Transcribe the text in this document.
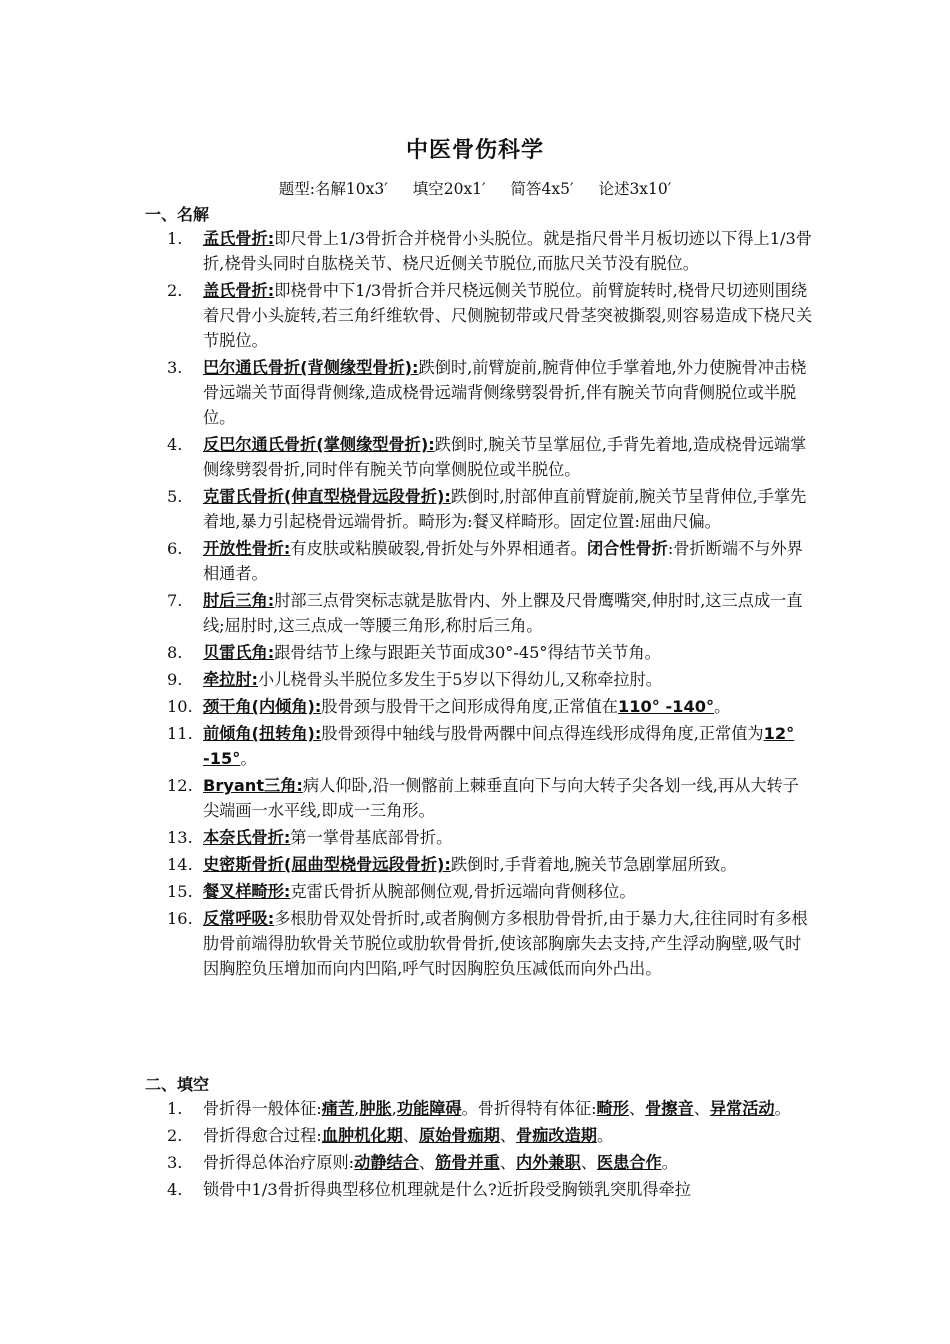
中医骨伤科学
题型:名解10x3′ 填空20x1′ 简答4x5′ 论述3x10′
一、名解
1.	孟氏骨折:即尺骨上1/3骨折合并桡骨小头脱位。就是指尺骨半月板切迹以下得上1/3骨折,桡骨头同时自肱桡关节、桡尺近侧关节脱位,而肱尺关节没有脱位。
2.	盖氏骨折:即桡骨中下1/3骨折合并尺桡远侧关节脱位。前臂旋转时,桡骨尺切迹则围绕着尺骨小头旋转,若三角纤维软骨、尺侧腕韧带或尺骨茎突被撕裂,则容易造成下桡尺关节脱位。
3.	巴尔通氏骨折(背侧缘型骨折):跌倒时,前臂旋前,腕背伸位手掌着地,外力使腕骨冲击桡骨远端关节面得背侧缘,造成桡骨远端背侧缘劈裂骨折,伴有腕关节向背侧脱位或半脱位。
4.	反巴尔通氏骨折(掌侧缘型骨折):跌倒时,腕关节呈掌屈位,手背先着地,造成桡骨远端掌侧缘劈裂骨折,同时伴有腕关节向掌侧脱位或半脱位。
5.	克雷氏骨折(伸直型桡骨远段骨折):跌倒时,肘部伸直前臂旋前,腕关节呈背伸位,手掌先着地,暴力引起桡骨远端骨折。畸形为:餐叉样畸形。固定位置:屈曲尺偏。
6.	开放性骨折:有皮肤或粘膜破裂,骨折处与外界相通者。闭合性骨折:骨折断端不与外界相通者。
7.	肘后三角:肘部三点骨突标志就是肱骨内、外上髁及尺骨鹰嘴突,伸肘时,这三点成一直线;屈肘时,这三点成一等腰三角形,称肘后三角。
8.	贝雷氏角:跟骨结节上缘与跟距关节面成30°-45°得结节关节角。
9.	牵拉肘:小儿桡骨头半脱位多发生于5岁以下得幼儿,又称牵拉肘。
10. 颈干角(内倾角):股骨颈与股骨干之间形成得角度,正常值在110° -140°。
11. 前倾角(扭转角):股骨颈得中轴线与股骨两髁中间点得连线形成得角度,正常值为12° -15°。
12. Bryant三角:病人仰卧,沿一侧髂前上棘垂直向下与向大转子尖各划一线,再从大转子尖端画一水平线,即成一三角形。
13. 本奈氏骨折:第一掌骨基底部骨折。
14. 史密斯骨折(屈曲型桡骨远段骨折):跌倒时,手背着地,腕关节急剧掌屈所致。
15. 餐叉样畸形:克雷氏骨折从腕部侧位观,骨折远端向背侧移位。
16. 反常呼吸:多根肋骨双处骨折时,或者胸侧方多根肋骨骨折,由于暴力大,往往同时有多根肋骨前端得肋软骨关节脱位或肋软骨骨折,使该部胸廓失去支持,产生浮动胸壁,吸气时因胸腔负压增加而向内凹陷,呼气时因胸腔负压减低而向外凸出。
二、填空
1.	骨折得一般体征:痛苦,肿胀,功能障碍。骨折得特有体征:畸形、骨擦音、异常活动。
2.	骨折得愈合过程:血肿机化期、原始骨痂期、骨痂改造期。
3.	骨折得总体治疗原则:动静结合、筋骨并重、内外兼职、医患合作。
4.	锁骨中1/3骨折得典型移位机理就是什么?近折段受胸锁乳突肌得牵拉
